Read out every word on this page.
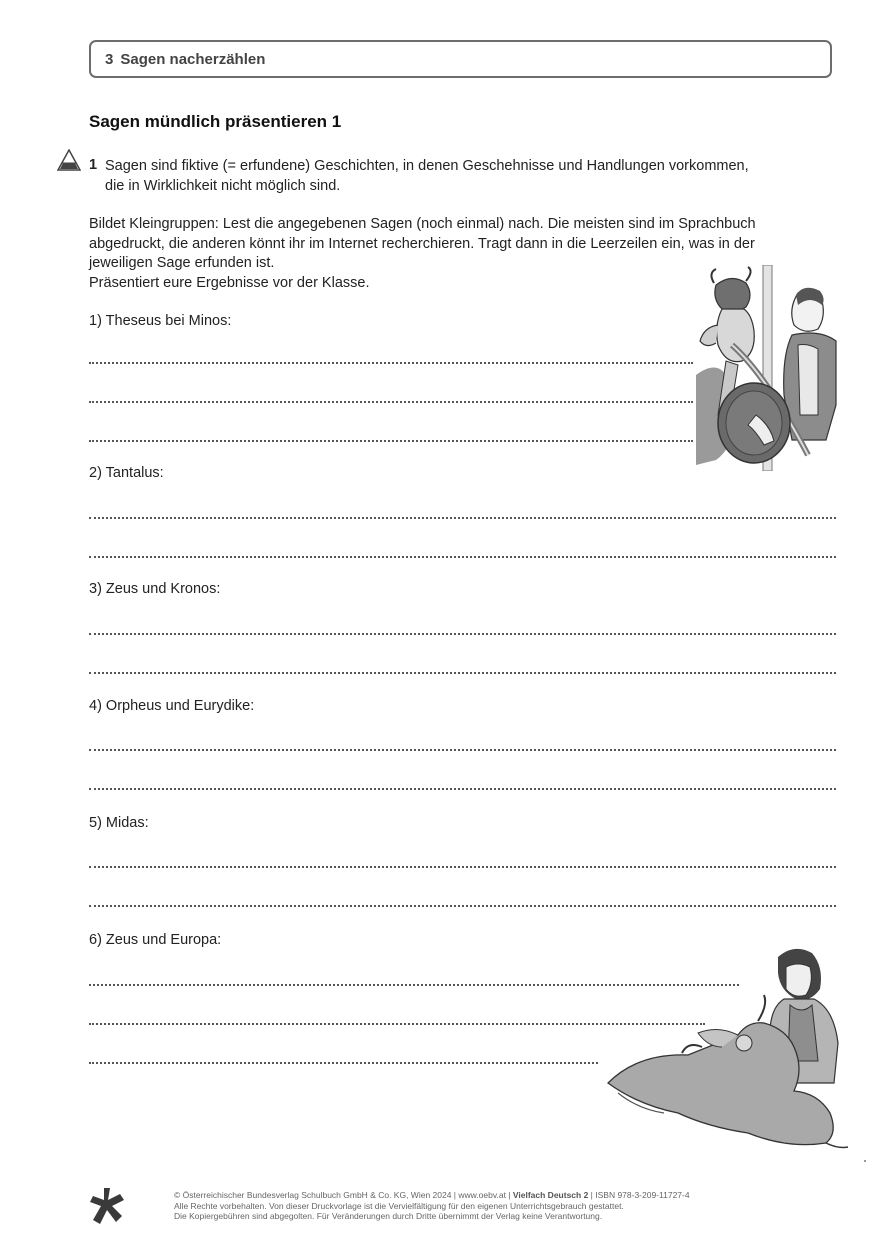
3 Sagen nacherzählen
Sagen mündlich präsentieren 1
1 Sagen sind fiktive (= erfundene) Geschichten, in denen Geschehnisse und Handlungen vorkommen,
die in Wirklichkeit nicht möglich sind.
Bildet Kleingruppen: Lest die angegebenen Sagen (noch einmal) nach. Die meisten sind im Sprachbuch
abgedruckt, die anderen könnt ihr im Internet recherchieren. Tragt dann in die Leerzeilen ein, was in der
jeweiligen Sage erfunden ist.
Präsentiert eure Ergebnisse vor der Klasse.
1) Theseus bei Minos:
2) Tantalus:
3) Zeus und Kronos:
4) Orpheus und Eurydike:
5) Midas:
6) Zeus und Europa:
© Österreichischer Bundesverlag Schulbuch GmbH & Co. KG, Wien 2024 | www.oebv.at | Vielfach Deutsch 2 | ISBN 978-3-209-11727-4
Alle Rechte vorbehalten. Von dieser Druckvorlage ist die Vervielfältigung für den eigenen Unterrichtsgebrauch gestattet.
Die Kopiergebühren sind abgegolten. Für Veränderungen durch Dritte übernimmt der Verlag keine Verantwortung.
